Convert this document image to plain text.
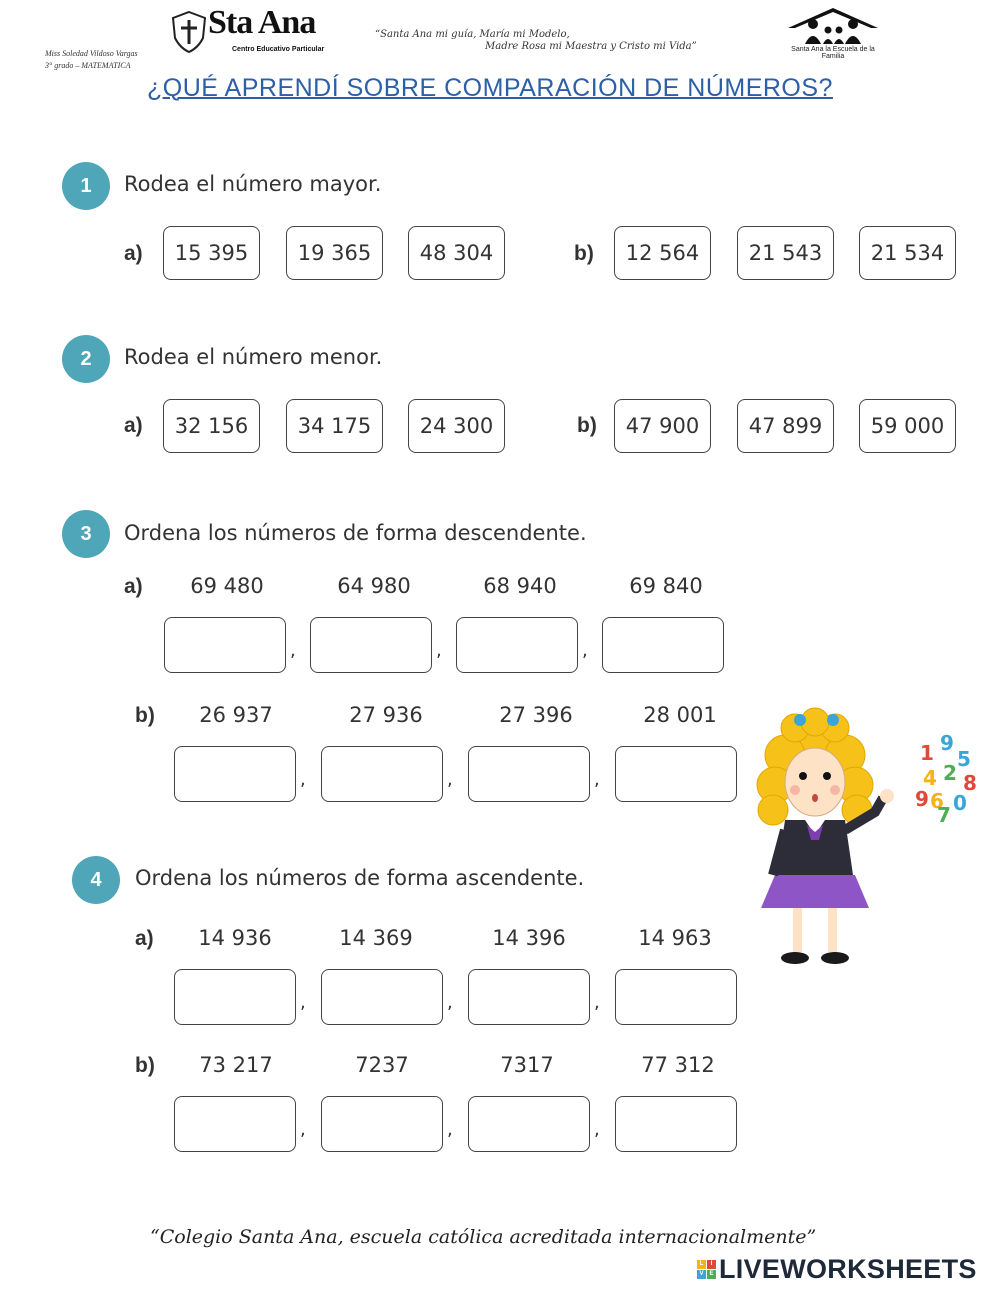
Miss Soledad Vildoso Vargas
3° grado – MATEMATICA
Sta Ana
Centro Educativo Particular
“Santa Ana mi guía, María mi Modelo,
Madre Rosa mi Maestra y Cristo mi Vida”	Santa Ana la Escuela de la Familia
¿QUÉ APRENDÍ SOBRE COMPARACIÓN DE NÚMEROS?
1	Rodea el número mayor.
a)	15 395	19 365	48 304	b)	12 564	21 543	21 534
2	Rodea el número menor.
a)	32 156	34 175	24 300	b)	47 900	47 899	59 000
3	Ordena los números de forma descendente.
a)	69 480	64 980	68 940	69 840
,	,	,
b)	26 937	27 936	27 396	28 001
,	,	,
1 9
5
4 2 8
6 0
9
7
4	Ordena los números de forma ascendente.
a)	14 936	14 369	14 396	14 963
,	,	,
b)	73 217	7237	7317	77 312
,	,	,
“Colegio Santa Ana, escuela católica acreditada internacionalmente”
L	I
V E LIVEWORKSHEETS
